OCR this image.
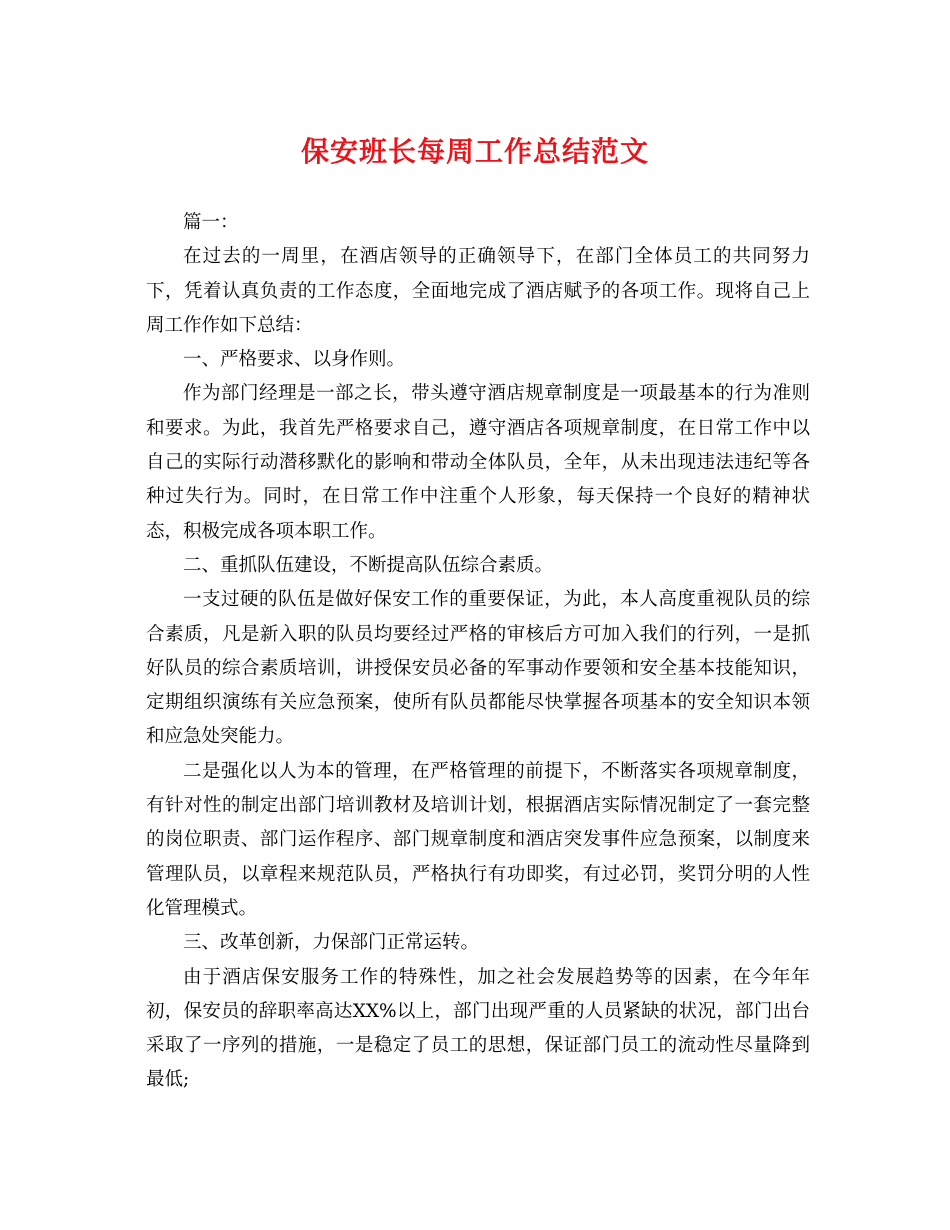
保安班长每周工作总结范文

篇一：

在过去的一周里，在酒店领导的正确领导下，在部门全体员工的共同努力下，凭着认真负责的工作态度，全面地完成了酒店赋予的各项工作。现将自己上周工作作如下总结：

一、严格要求、以身作则。

作为部门经理是一部之长，带头遵守酒店规章制度是一项最基本的行为准则和要求。为此，我首先严格要求自己，遵守酒店各项规章制度，在日常工作中以自己的实际行动潜移默化的影响和带动全体队员，全年，从未出现违法违纪等各种过失行为。同时，在日常工作中注重个人形象，每天保持一个良好的精神状态，积极完成各项本职工作。

二、重抓队伍建设，不断提高队伍综合素质。

一支过硬的队伍是做好保安工作的重要保证，为此，本人高度重视队员的综合素质，凡是新入职的队员均要经过严格的审核后方可加入我们的行列，一是抓好队员的综合素质培训，讲授保安员必备的军事动作要领和安全基本技能知识，定期组织演练有关应急预案，使所有队员都能尽快掌握各项基本的安全知识本领和应急处突能力。

二是强化以人为本的管理，在严格管理的前提下，不断落实各项规章制度，有针对性的制定出部门培训教材及培训计划，根据酒店实际情况制定了一套完整的岗位职责、部门运作程序、部门规章制度和酒店突发事件应急预案，以制度来管理队员，以章程来规范队员，严格执行有功即奖，有过必罚，奖罚分明的人性化管理模式。

三、改革创新，力保部门正常运转。

由于酒店保安服务工作的特殊性，加之社会发展趋势等的因素，在今年年初，保安员的辞职率高达XX%以上，部门出现严重的人员紧缺的状况，部门出台采取了一序列的措施，一是稳定了员工的思想，保证部门员工的流动性尽量降到最低;
